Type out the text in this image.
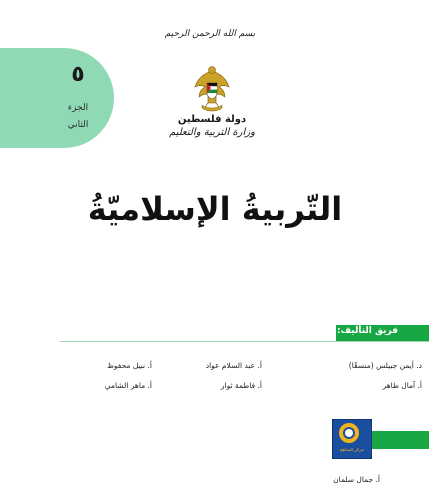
٥
الجزء
الثاني
بسم الله الرحمن الرحيم
دولة فلسطين
وزارة التربية والتعليم
التّربيةُ الإسلاميّةُ
فريق التأليف:
د. أيمن جبيلس (منسقًا)
أ. عبد السلام عواد
أ. نبيل محفوظ
أ. آمال طاهر
أ. فاطمة ثوار
أ. ماهر الشامي
أ. جمال سلمان
مركز المناهج
